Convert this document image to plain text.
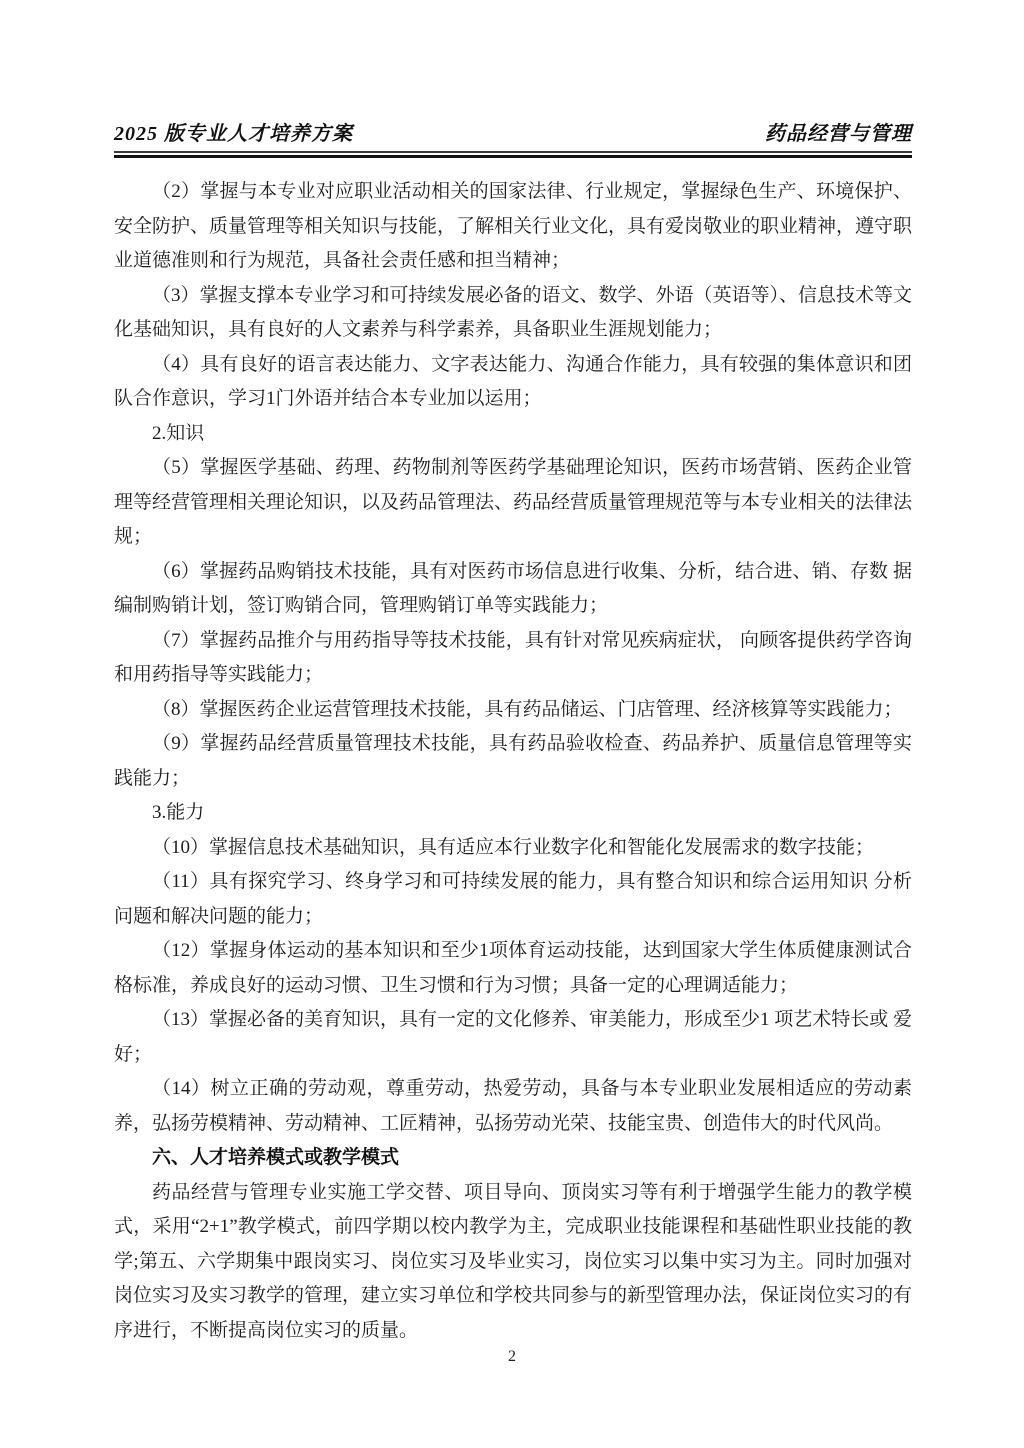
2025 版专业人才培养方案	药品经营与管理

（2）掌握与本专业对应职业活动相关的国家法律、行业规定，掌握绿色生产、环境保护、安全防护、质量管理等相关知识与技能，了解相关行业文化，具有爱岗敬业的职业精神，遵守职业道德准则和行为规范，具备社会责任感和担当精神；

（3）掌握支撑本专业学习和可持续发展必备的语文、数学、外语（英语等）、信息技术等文化基础知识，具有良好的人文素养与科学素养，具备职业生涯规划能力；

（4）具有良好的语言表达能力、文字表达能力、沟通合作能力，具有较强的集体意识和团队合作意识，学习1门外语并结合本专业加以运用；

2.知识

（5）掌握医学基础、药理、药物制剂等医药学基础理论知识，医药市场营销、医药企业管理等经营管理相关理论知识，以及药品管理法、药品经营质量管理规范等与本专业相关的法律法规；

（6）掌握药品购销技术技能，具有对医药市场信息进行收集、分析，结合进、销、存数 据编制购销计划，签订购销合同，管理购销订单等实践能力；

（7）掌握药品推介与用药指导等技术技能，具有针对常见疾病症状， 向顾客提供药学咨询和用药指导等实践能力；

（8）掌握医药企业运营管理技术技能，具有药品储运、门店管理、经济核算等实践能力；

（9）掌握药品经营质量管理技术技能，具有药品验收检查、药品养护、质量信息管理等实践能力；

3.能力

（10）掌握信息技术基础知识，具有适应本行业数字化和智能化发展需求的数字技能；

（11）具有探究学习、终身学习和可持续发展的能力，具有整合知识和综合运用知识 分析问题和解决问题的能力；

（12）掌握身体运动的基本知识和至少1项体育运动技能，达到国家大学生体质健康测试合格标准，养成良好的运动习惯、卫生习惯和行为习惯；具备一定的心理调适能力；

（13）掌握必备的美育知识，具有一定的文化修养、审美能力，形成至少1 项艺术特长或 爱好；

（14）树立正确的劳动观，尊重劳动，热爱劳动，具备与本专业职业发展相适应的劳动素养，弘扬劳模精神、劳动精神、工匠精神，弘扬劳动光荣、技能宝贵、创造伟大的时代风尚。

六、人才培养模式或教学模式

药品经营与管理专业实施工学交替、项目导向、顶岗实习等有利于增强学生能力的教学模式，采用“2+1”教学模式，前四学期以校内教学为主，完成职业技能课程和基础性职业技能的教学;第五、六学期集中跟岗实习、岗位实习及毕业实习，岗位实习以集中实习为主。同时加强对岗位实习及实习教学的管理，建立实习单位和学校共同参与的新型管理办法，保证岗位实习的有序进行，不断提高岗位实习的质量。

2
